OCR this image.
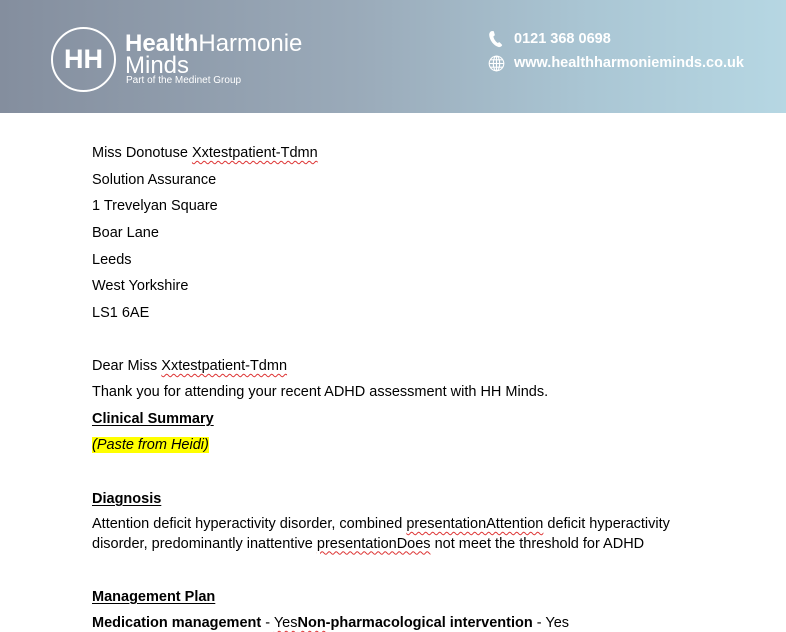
HH
HealthHarmonie
Minds
Part of the Medinet Group
0121 368 0698
www.healthharmonieminds.co.uk
Miss Donotuse Xxtestpatient-Tdmn
Solution Assurance
1 Trevelyan Square
Boar Lane
Leeds
West Yorkshire
LS1 6AE
Dear Miss Xxtestpatient-Tdmn
Thank you for attending your recent ADHD assessment with HH Minds.
Clinical Summary
(Paste from Heidi)
Diagnosis
Attention deficit hyperactivity disorder, combined presentationAttention deficit hyperactivity disorder, predominantly inattentive presentationDoes not meet the threshold for ADHD
Management Plan
Medication management - YesNon-pharmacological intervention - Yes
